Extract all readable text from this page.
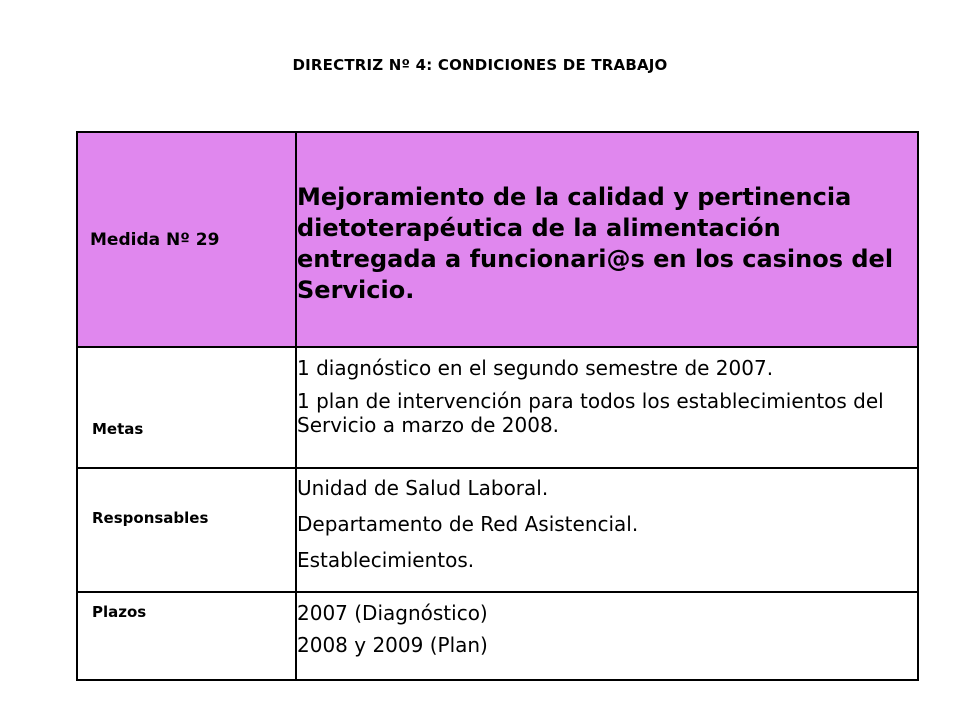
DIRECTRIZ Nº 4: CONDICIONES DE TRABAJO
Medida Nº 29	Mejoramiento de la calidad y pertinencia dietoterapéutica de la alimentación entregada a funcionari@s en los casinos del Servicio.

Metas	1 diagnóstico en el segundo semestre de 2007.
1 plan de intervención para todos los establecimientos del Servicio a marzo de 2008.

Responsables	Unidad de Salud Laboral.
Departamento de Red Asistencial.
Establecimientos.

Plazos	2007 (Diagnóstico)
2008 y 2009 (Plan)
